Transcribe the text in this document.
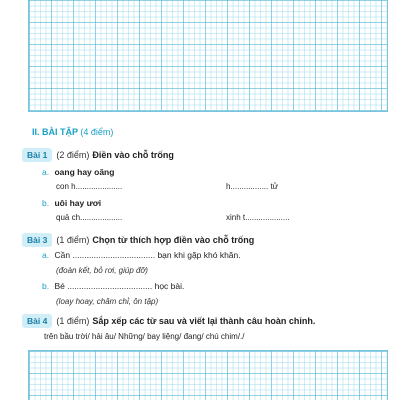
II. BÀI TẬP (4 điểm)
Bài 1	(2 điểm) Điền vào chỗ trống
a. oang hay oăng
con h.....................	h................. tử
b. uôi hay ươi
quả ch...................	xinh t....................
Bài 3	(1 điểm) Chọn từ thích hợp điền vào chỗ trống
a. Cần ................................... bạn khi gặp khó khăn.
(đoàn kết, bỏ rơi, giúp đỡ)
b. Bé .................................... học bài.
(loay hoay, chăm chỉ, ôn tập)
Bài 4	(1 điểm) Sắp xếp các từ sau và viết lại thành câu hoàn chỉnh.
trên bầu trời/ hải âu/ Những/ bay liệng/ đang/ chú chim/./
